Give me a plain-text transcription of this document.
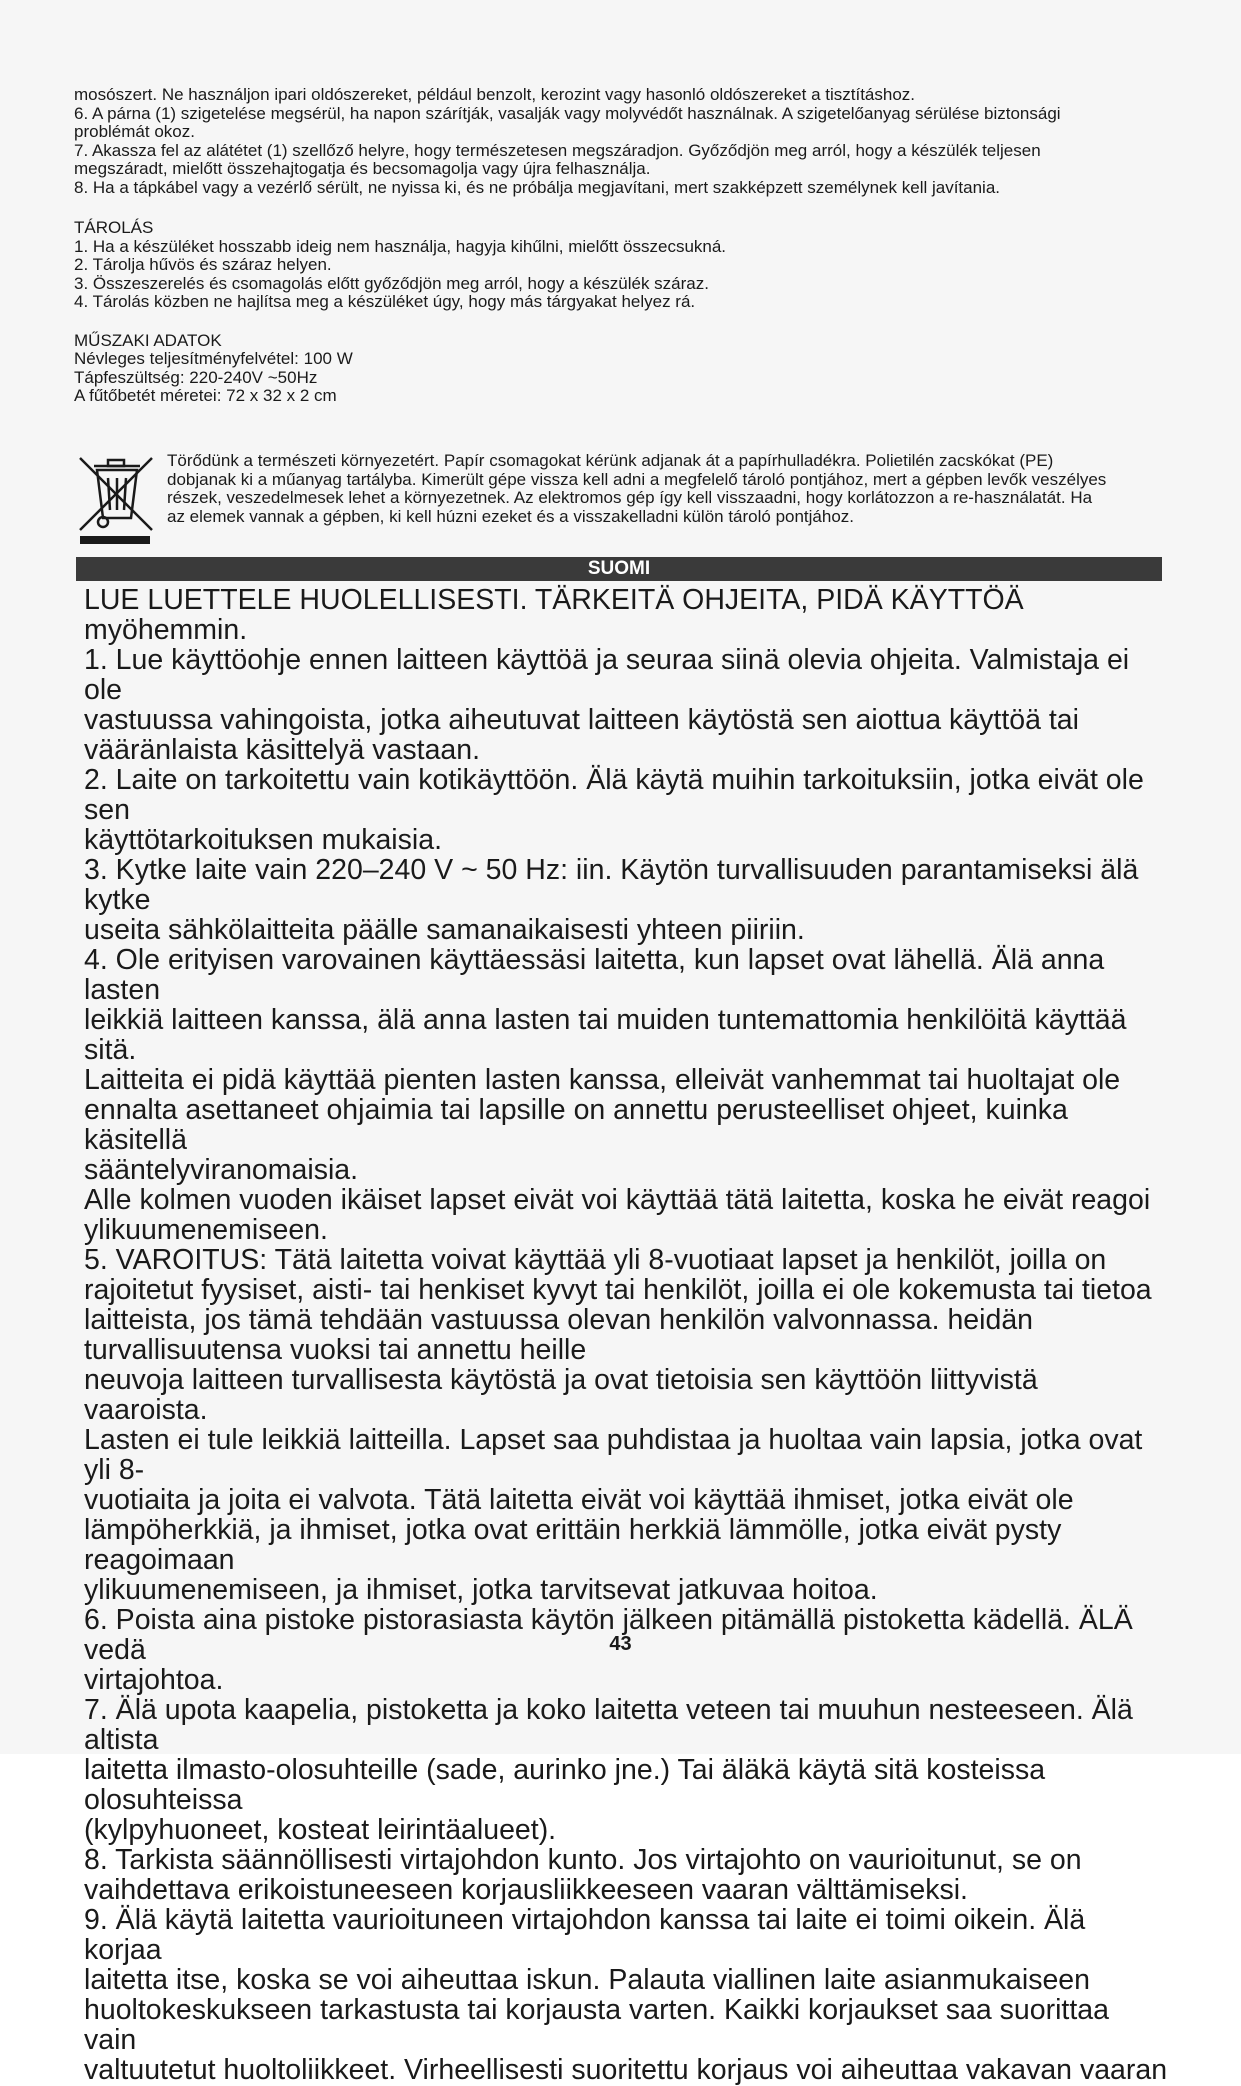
mosószert. Ne használjon ipari oldószereket, például benzolt, kerozint vagy hasonló oldószereket a tisztításhoz.

6. A párna (1) szigetelése megsérül, ha napon szárítják, vasalják vagy molyvédőt használnak. A szigetelőanyag sérülése biztonsági

problémát okoz.

7. Akassza fel az alátétet (1) szellőző helyre, hogy természetesen megszáradjon. Győződjön meg arról, hogy a készülék teljesen

megszáradt, mielőtt összehajtogatja és becsomagolja vagy újra felhasználja.

8. Ha a tápkábel vagy a vezérlő sérült, ne nyissa ki, és ne próbálja megjavítani, mert szakképzett személynek kell javítania.

TÁROLÁS

1. Ha a készüléket hosszabb ideig nem használja, hagyja kihűlni, mielőtt összecsukná.

2. Tárolja hűvös és száraz helyen.

3. Összeszerelés és csomagolás előtt győződjön meg arról, hogy a készülék száraz.

4. Tárolás közben ne hajlítsa meg a készüléket úgy, hogy más tárgyakat helyez rá.

MŰSZAKI ADATOK

Névleges teljesítményfelvétel: 100 W

Tápfeszültség: 220-240V ~50Hz

A fűtőbetét méretei: 72 x 32 x 2 cm

Törődünk a természeti környezetért. Papír csomagokat kérünk adjanak át a papírhulladékra. Polietilén zacskókat (PE)

dobjanak ki a műanyag tartályba. Kimerült gépe vissza kell adni a megfelelő tároló pontjához, mert a gépben levők veszélyes

részek, veszedelmesek lehet a környezetnek. Az elektromos gép így kell visszaadni, hogy korlátozzon a re-használatát. Ha

az elemek vannak a gépben, ki kell húzni ezeket és a visszakelladni külön tároló pontjához.

SUOMI

LUE LUETTELE HUOLELLISESTI. TÄRKEITÄ OHJEITA, PIDÄ KÄYTTÖÄ myöhemmin.

1. Lue käyttöohje ennen laitteen käyttöä ja seuraa siinä olevia ohjeita. Valmistaja ei ole

vastuussa vahingoista, jotka aiheutuvat laitteen käytöstä sen aiottua käyttöä tai

vääränlaista käsittelyä vastaan.

2. Laite on tarkoitettu vain kotikäyttöön. Älä käytä muihin tarkoituksiin, jotka eivät ole sen

käyttötarkoituksen mukaisia.

3. Kytke laite vain 220–240 V ~ 50 Hz: iin. Käytön turvallisuuden parantamiseksi älä kytke

useita sähkölaitteita päälle samanaikaisesti yhteen piiriin.

4. Ole erityisen varovainen käyttäessäsi laitetta, kun lapset ovat lähellä. Älä anna lasten

leikkiä laitteen kanssa, älä anna lasten tai muiden tuntemattomia henkilöitä käyttää sitä.

Laitteita ei pidä käyttää pienten lasten kanssa, elleivät vanhemmat tai huoltajat ole

ennalta asettaneet ohjaimia tai lapsille on annettu perusteelliset ohjeet, kuinka käsitellä

sääntelyviranomaisia.

Alle kolmen vuoden ikäiset lapset eivät voi käyttää tätä laitetta, koska he eivät reagoi

ylikuumenemiseen.

5. VAROITUS: Tätä laitetta voivat käyttää yli 8-vuotiaat lapset ja henkilöt, joilla on

rajoitetut fyysiset, aisti- tai henkiset kyvyt tai henkilöt, joilla ei ole kokemusta tai tietoa

laitteista, jos tämä tehdään vastuussa olevan henkilön valvonnassa. heidän

turvallisuutensa vuoksi tai annettu heille

neuvoja laitteen turvallisesta käytöstä ja ovat tietoisia sen käyttöön liittyvistä vaaroista.

Lasten ei tule leikkiä laitteilla. Lapset saa puhdistaa ja huoltaa vain lapsia, jotka ovat yli 8-

vuotiaita ja joita ei valvota. Tätä laitetta eivät voi käyttää ihmiset, jotka eivät ole

lämpöherkkiä, ja ihmiset, jotka ovat erittäin herkkiä lämmölle, jotka eivät pysty reagoimaan

ylikuumenemiseen, ja ihmiset, jotka tarvitsevat jatkuvaa hoitoa.

6. Poista aina pistoke pistorasiasta käytön jälkeen pitämällä pistoketta kädellä. ÄLÄ vedä

virtajohtoa.

7. Älä upota kaapelia, pistoketta ja koko laitetta veteen tai muuhun nesteeseen. Älä altista

laitetta ilmasto-olosuhteille (sade, aurinko jne.) Tai äläkä käytä sitä kosteissa olosuhteissa

(kylpyhuoneet, kosteat leirintäalueet).

8. Tarkista säännöllisesti virtajohdon kunto. Jos virtajohto on vaurioitunut, se on

vaihdettava erikoistuneeseen korjausliikkeeseen vaaran välttämiseksi.

9. Älä käytä laitetta vaurioituneen virtajohdon kanssa tai laite ei toimi oikein. Älä korjaa

laitetta itse, koska se voi aiheuttaa iskun. Palauta viallinen laite asianmukaiseen

huoltokeskukseen tarkastusta tai korjausta varten. Kaikki korjaukset saa suorittaa vain

valtuutetut huoltoliikkeet. Virheellisesti suoritettu korjaus voi aiheuttaa vakavan vaaran

43
